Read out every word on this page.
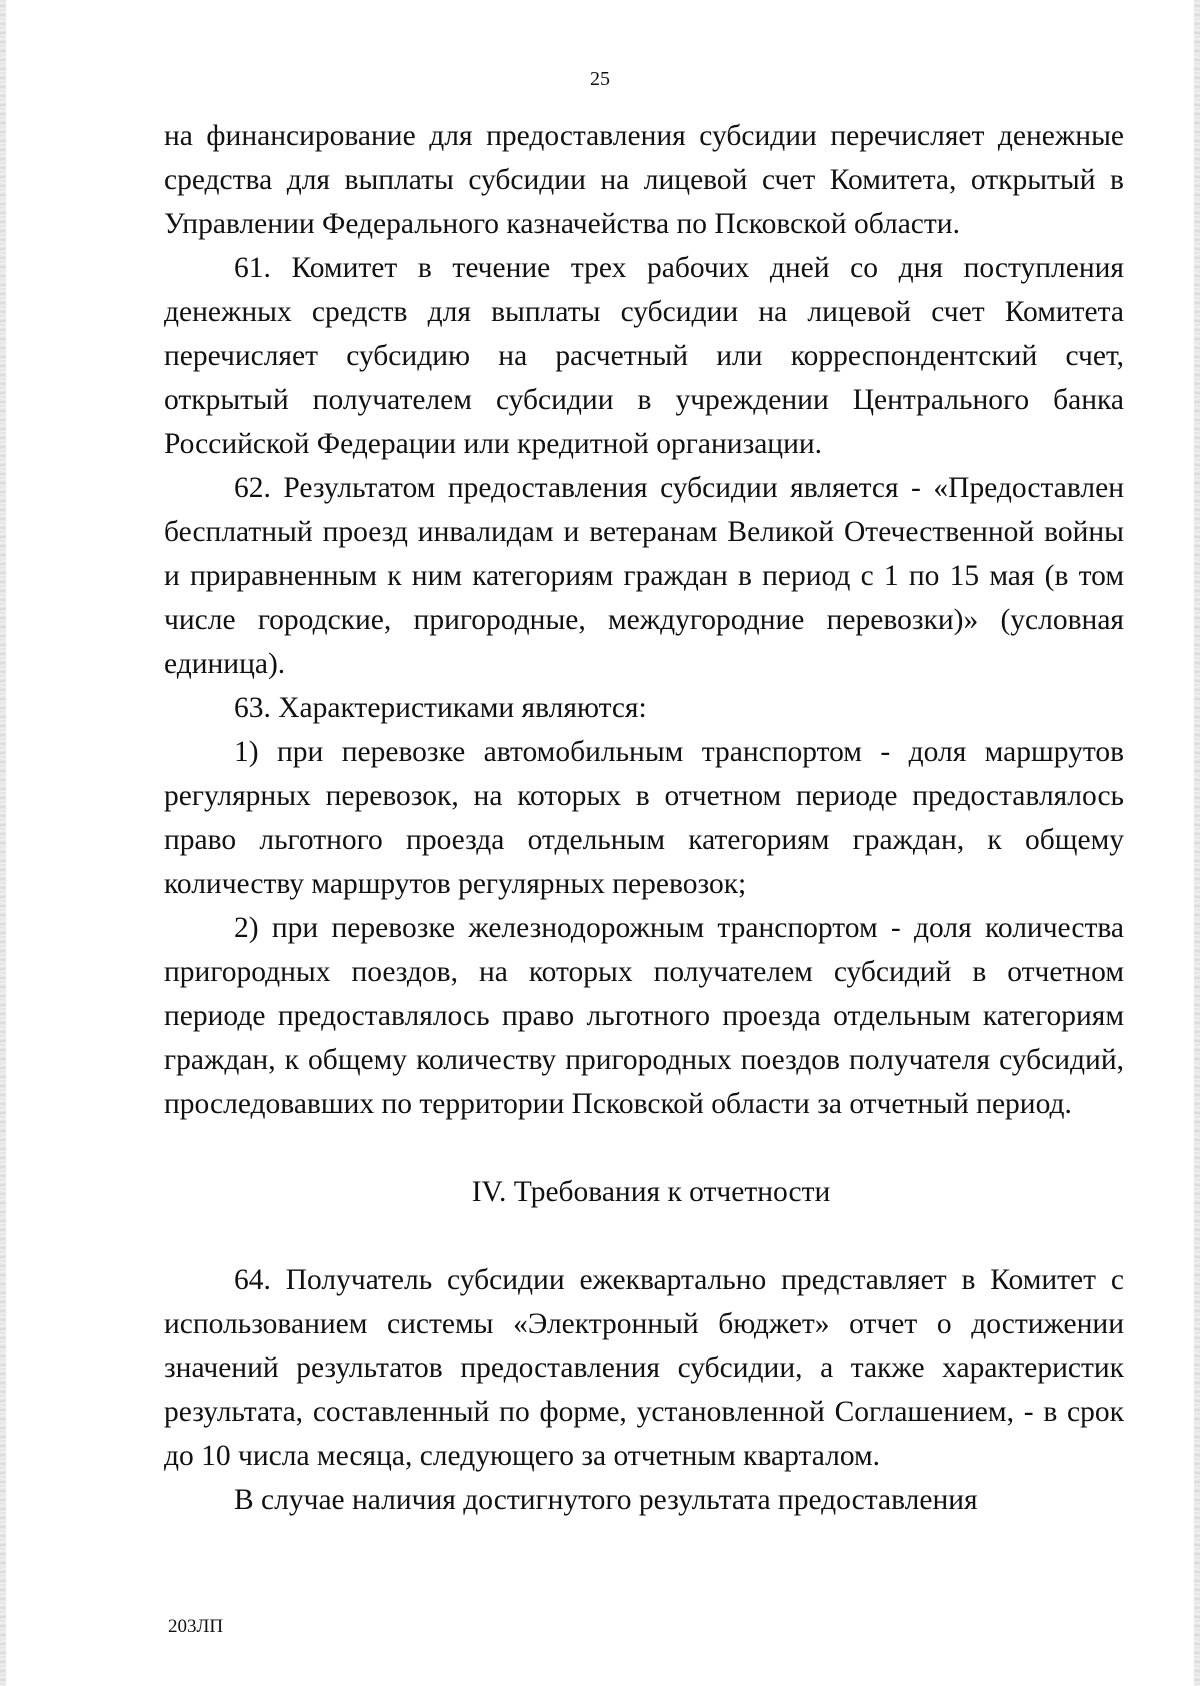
25

на финансирование для предоставления субсидии перечисляет денежные средства для выплаты субсидии на лицевой счет Комитета, открытый в Управлении Федерального казначейства по Псковской области.

61. Комитет в течение трех рабочих дней со дня поступления денежных средств для выплаты субсидии на лицевой счет Комитета перечисляет субсидию на расчетный или корреспондентский счет, открытый получателем субсидии в учреждении Центрального банка Российской Федерации или кредитной организации.

62. Результатом предоставления субсидии является - «Предоставлен бесплатный проезд инвалидам и ветеранам Великой Отечественной войны и приравненным к ним категориям граждан в период с 1 по 15 мая (в том числе городские, пригородные, междугородние перевозки)» (условная единица).

63. Характеристиками являются:

1) при перевозке автомобильным транспортом - доля маршрутов регулярных перевозок, на которых в отчетном периоде предоставлялось право льготного проезда отдельным категориям граждан, к общему количеству маршрутов регулярных перевозок;

2) при перевозке железнодорожным транспортом - доля количества пригородных поездов, на которых получателем субсидий в отчетном периоде предоставлялось право льготного проезда отдельным категориям граждан, к общему количеству пригородных поездов получателя субсидий, проследовавших по территории Псковской области за отчетный период.

IV. Требования к отчетности

64. Получатель субсидии ежеквартально представляет в Комитет с использованием системы «Электронный бюджет» отчет о достижении значений результатов предоставления субсидии, а также характеристик результата, составленный по форме, установленной Соглашением, - в срок до 10 числа месяца, следующего за отчетным кварталом.

В случае наличия достигнутого результата предоставления

203ЛП
